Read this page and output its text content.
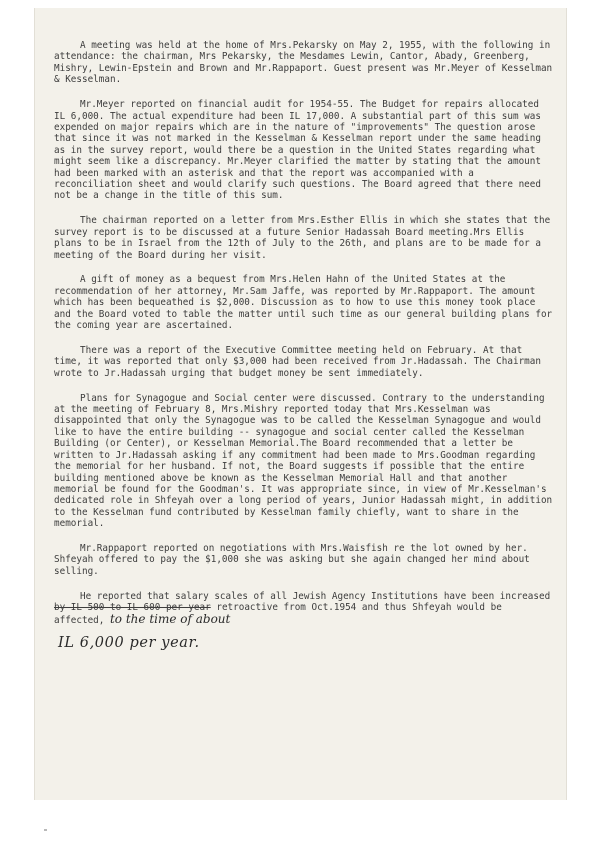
A meeting was held at the home of Mrs.Pekarsky on May 2, 1955, with the following in attendance: the chairman, Mrs Pekarsky, the Mesdames Lewin, Cantor, Abady, Greenberg, Mishry, Lewin-Epstein and Brown and Mr.Rappaport. Guest present was Mr.Meyer of Kesselman & Kesselman.

Mr.Meyer reported on financial audit for 1954-55. The Budget for repairs allocated IL 6,000. The actual expenditure had been IL 17,000. A substantial part of this sum was expended on major repairs which are in the nature of "improvements" The question arose that since it was not marked in the Kesselman & Kesselman report under the same heading as in the survey report, would there be a question in the United States regarding what might seem like a discrepancy. Mr.Meyer clarified the matter by stating that the amount had been marked with an asterisk and that the report was accompanied with a reconciliation sheet and would clarify such questions. The Board agreed that there need not be a change in the title of this sum.

The chairman reported on a letter from Mrs.Esther Ellis in which she states that the survey report is to be discussed at a future Senior Hadassah Board meeting.Mrs Ellis plans to be in Israel from the 12th of July to the 26th, and plans are to be made for a meeting of the Board during her visit.

A gift of money as a bequest from Mrs.Helen Hahn of the United States at the recommendation of her attorney, Mr.Sam Jaffe, was reported by Mr.Rappaport. The amount which has been bequeathed is $2,000. Discussion as to how to use this money took place and the Board voted to table the matter until such time as our general building plans for the coming year are ascertained.

There was a report of the Executive Committee meeting held on February. At that time, it was reported that only $3,000 had been received from Jr.Hadassah. The Chairman wrote to Jr.Hadassah urging that budget money be sent immediately.

Plans for Synagogue and Social center were discussed. Contrary to the understanding at the meeting of February 8, Mrs.Mishry reported today that Mrs.Kesselman was disappointed that only the Synagogue was to be called the Kesselman Synagogue and would like to have the entire building -- synagogue and social center called the Kesselman Building (or Center), or Kesselman Memorial.The Board recommended that a letter be written to Jr.Hadassah asking if any commitment had been made to Mrs.Goodman regarding the memorial for her husband. If not, the Board suggests if possible that the entire building mentioned above be known as the Kesselman Memorial Hall and that another memorial be found for the Goodman's. It was appropriate since, in view of Mr.Kesselman's dedicated role in Shfeyah over a long period of years, Junior Hadassah might, in addition to the Kesselman fund contributed by Kesselman family chiefly, want to share in the memorial.

Mr.Rappaport reported on negotiations with Mrs.Waisfish re the lot owned by her. Shfeyah offered to pay the $1,000 she was asking but she again changed her mind about selling.

He reported that salary scales of all Jewish Agency Institutions have been increased by IL 500 to IL 600 per year retroactive from Oct.1954 and thus Shfeyah would be affected, to the time of about

IL 6,000 per year.
